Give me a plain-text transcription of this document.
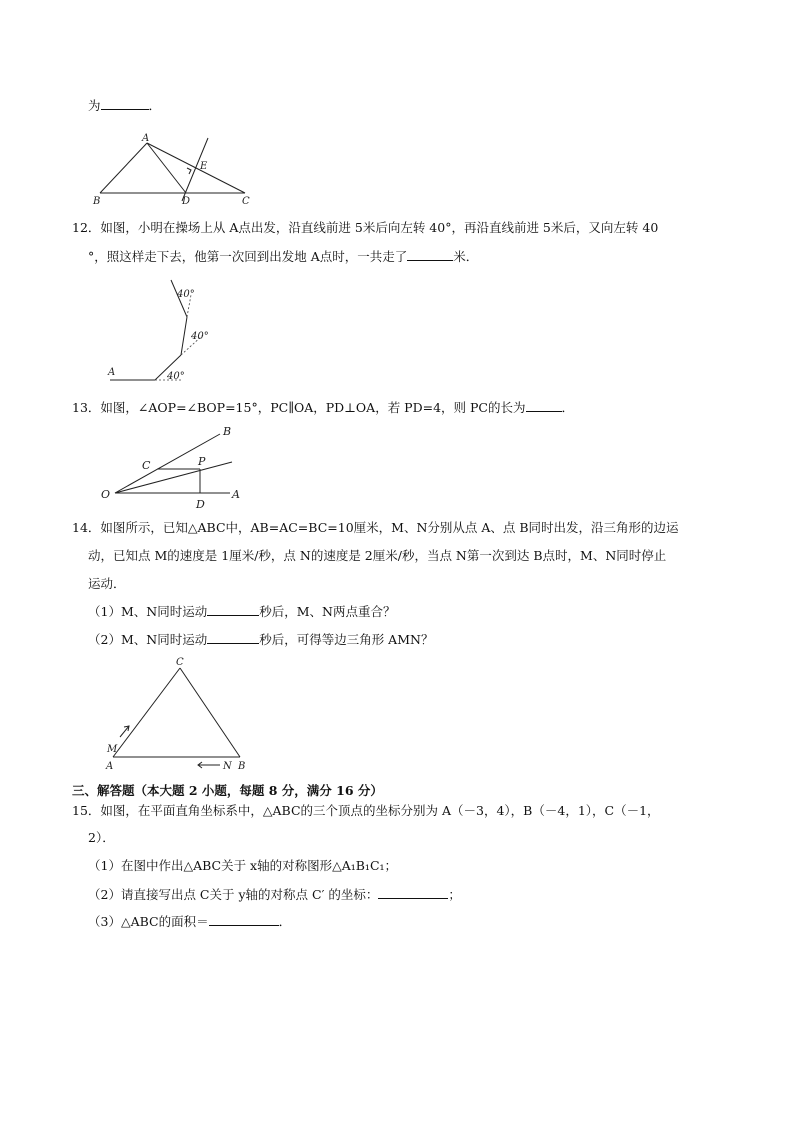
为	．
A
B	C
D
E
12．如图，小明在操场上从 A点出发，沿直线前进 5米后向左转 40°，再沿直线前进 5米后，又向左转 40
°，照这样走下去，他第一次回到出发地 A点时，一共走了	米．
40°
40°
40°
A
13．如图，∠AOP=∠BOP=15°，PC∥OA，PD⊥OA，若 PD=4，则 PC的长为	．
O	A
B
C	P
D
14．如图所示，已知△ABC中，AB=AC=BC=10厘米，M、N分别从点 A、点 B同时出发，沿三角形的边运
动，已知点 M的速度是 1厘米/秒，点 N的速度是 2厘米/秒，当点 N第一次到达 B点时，M、N同时停止
运动．
（1）M、N同时运动	秒后，M、N两点重合？
（2）M、N同时运动	秒后，可得等边三角形 AMN？
C
A	B
M
N
三、解答题（本大题 2 小题，每题 8 分，满分 16 分）
15．如图，在平面直角坐标系中，△ABC的三个顶点的坐标分别为 A（－3，4），B（－4，1），C（－1，
2）．
（1）在图中作出△ABC关于 x轴的对称图形△A₁B₁C₁；
（2）请直接写出点 C关于 y轴的对称点 C′ 的坐标：	；
（3）△ABC的面积＝	．
